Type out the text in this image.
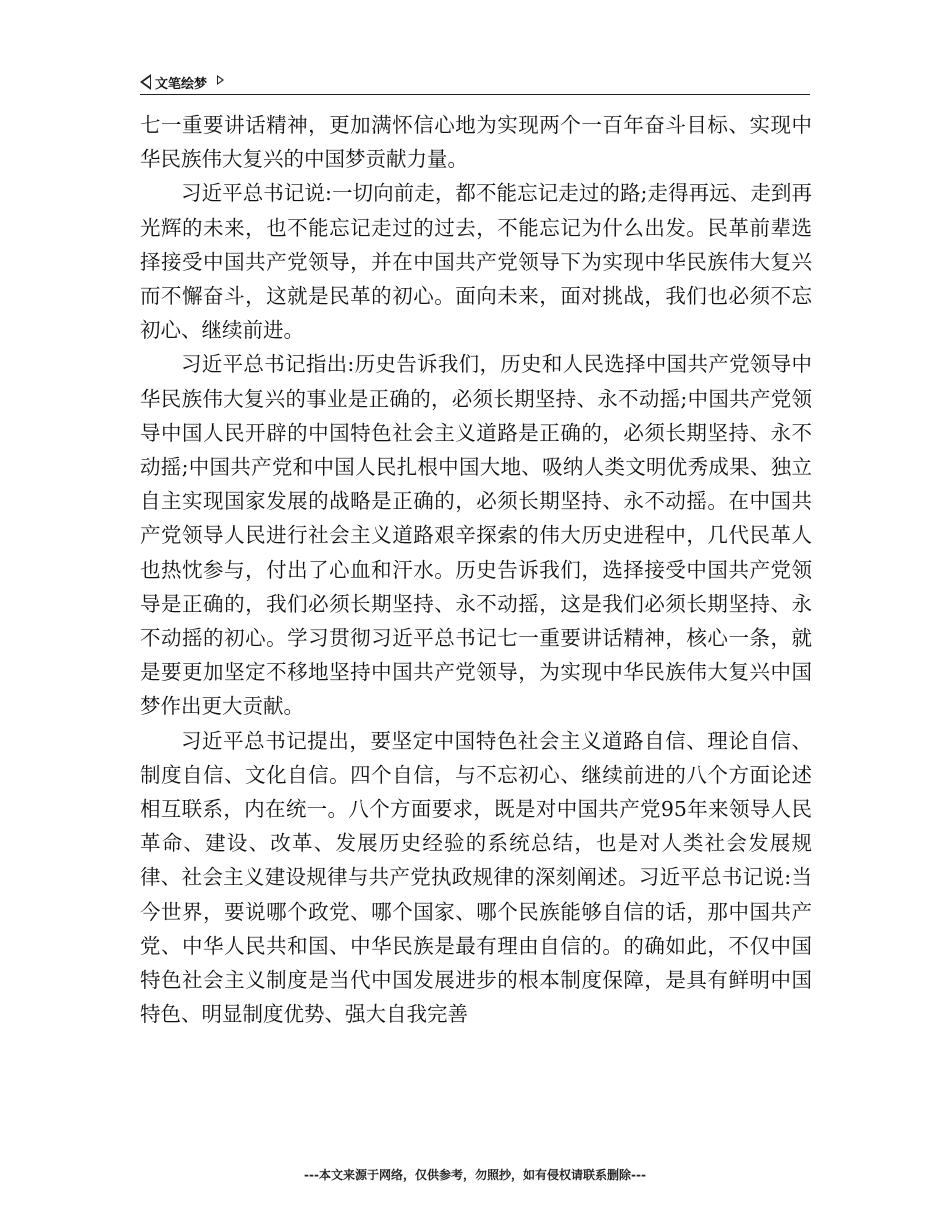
文笔绘梦

七一重要讲话精神，更加满怀信心地为实现两个一百年奋斗目标、实现中华民族伟大复兴的中国梦贡献力量。

习近平总书记说:一切向前走，都不能忘记走过的路;走得再远、走到再光辉的未来，也不能忘记走过的过去，不能忘记为什么出发。民革前辈选择接受中国共产党领导，并在中国共产党领导下为实现中华民族伟大复兴而不懈奋斗，这就是民革的初心。面向未来，面对挑战，我们也必须不忘初心、继续前进。

习近平总书记指出:历史告诉我们，历史和人民选择中国共产党领导中华民族伟大复兴的事业是正确的，必须长期坚持、永不动摇;中国共产党领导中国人民开辟的中国特色社会主义道路是正确的，必须长期坚持、永不动摇;中国共产党和中国人民扎根中国大地、吸纳人类文明优秀成果、独立自主实现国家发展的战略是正确的，必须长期坚持、永不动摇。在中国共产党领导人民进行社会主义道路艰辛探索的伟大历史进程中，几代民革人也热忱参与，付出了心血和汗水。历史告诉我们，选择接受中国共产党领导是正确的，我们必须长期坚持、永不动摇，这是我们必须长期坚持、永不动摇的初心。学习贯彻习近平总书记七一重要讲话精神，核心一条，就是要更加坚定不移地坚持中国共产党领导，为实现中华民族伟大复兴中国梦作出更大贡献。

习近平总书记提出，要坚定中国特色社会主义道路自信、理论自信、制度自信、文化自信。四个自信，与不忘初心、继续前进的八个方面论述相互联系，内在统一。八个方面要求，既是对中国共产党95年来领导人民革命、建设、改革、发展历史经验的系统总结，也是对人类社会发展规律、社会主义建设规律与共产党执政规律的深刻阐述。习近平总书记说:当今世界，要说哪个政党、哪个国家、哪个民族能够自信的话，那中国共产党、中华人民共和国、中华民族是最有理由自信的。的确如此，不仅中国特色社会主义制度是当代中国发展进步的根本制度保障，是具有鲜明中国特色、明显制度优势、强大自我完善

---本文来源于网络，仅供参考，勿照抄，如有侵权请联系删除---
